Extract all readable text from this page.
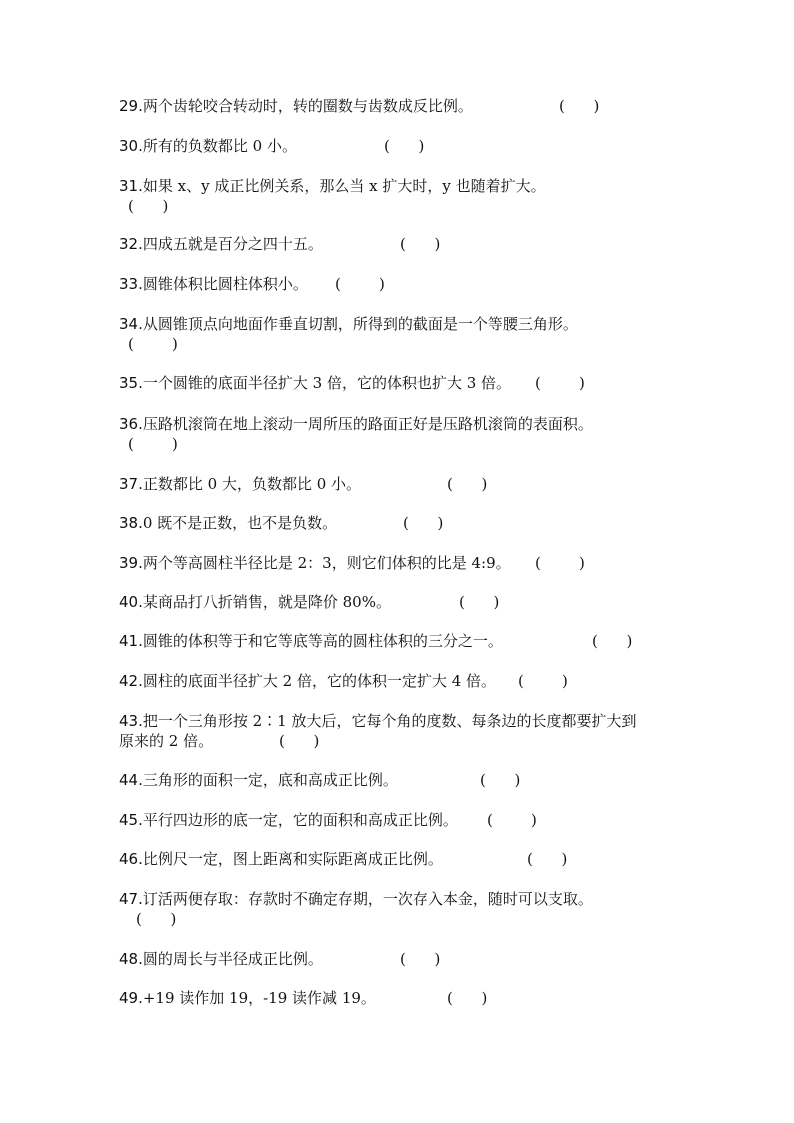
29.两个齿轮咬合转动时，转的圈数与齿数成反比例。	(      )
30.所有的负数都比 0 小。	(      )
31.如果 x、y 成正比例关系，那么当 x 扩大时，y 也随着扩大。
(      )
32.四成五就是百分之四十五。	(      )
33.圆锥体积比圆柱体积小。	(        )
34.从圆锥顶点向地面作垂直切割，所得到的截面是一个等腰三角形。
(        )
35.一个圆锥的底面半径扩大 3 倍，它的体积也扩大 3 倍。	(        )
36.压路机滚筒在地上滚动一周所压的路面正好是压路机滚筒的表面积。
(        )
37.正数都比 0 大，负数都比 0 小。	(      )
38.0 既不是正数，也不是负数。	(      )
39.两个等高圆柱半径比是 2：3，则它们体积的比是 4:9。	(        )
40.某商品打八折销售，就是降价 80%。	(      )
41.圆锥的体积等于和它等底等高的圆柱体积的三分之一。	(      )
42.圆柱的底面半径扩大 2 倍，它的体积一定扩大 4 倍。	(        )
43.把一个三角形按 2∶1 放大后，它每个角的度数、每条边的长度都要扩大到
原来的 2 倍。	(      )
44.三角形的面积一定，底和高成正比例。	(      )
45.平行四边形的底一定，它的面积和高成正比例。	(        )
46.比例尺一定，图上距离和实际距离成正比例。	(      )
47.订活两便存取：存款时不确定存期，一次存入本金，随时可以支取。
(      )
48.圆的周长与半径成正比例。	(      )
49.+19 读作加 19，-19 读作减 19。	(      )
